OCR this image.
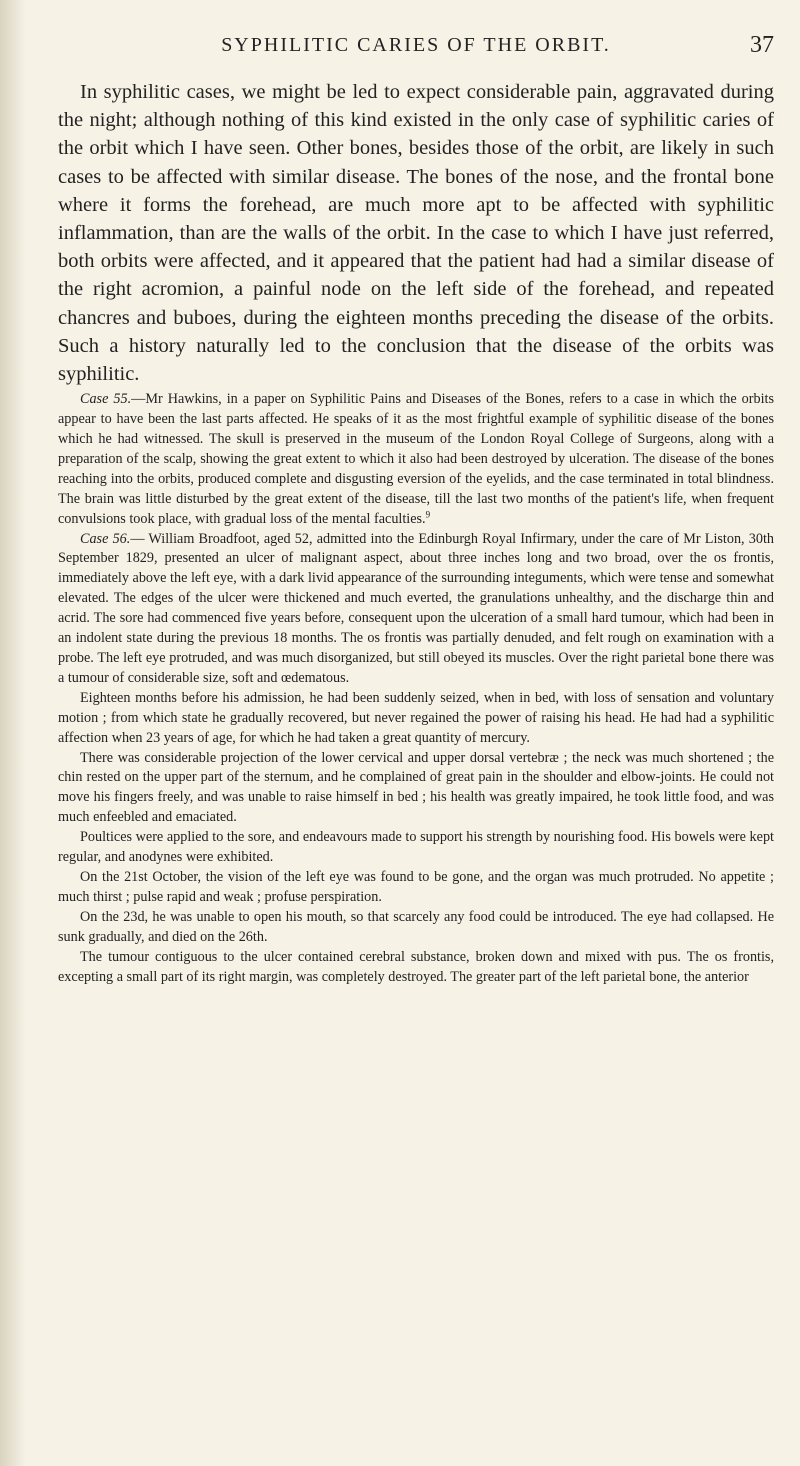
SYPHILITIC CARIES OF THE ORBIT.	37

In syphilitic cases, we might be led to expect considerable pain, aggravated during the night; although nothing of this kind existed in the only case of syphilitic caries of the orbit which I have seen. Other bones, besides those of the orbit, are likely in such cases to be affected with similar disease. The bones of the nose, and the frontal bone where it forms the forehead, are much more apt to be affected with syphilitic inflammation, than are the walls of the orbit. In the case to which I have just referred, both orbits were affected, and it appeared that the patient had had a similar disease of the right acromion, a painful node on the left side of the forehead, and repeated chancres and buboes, during the eighteen months preceding the disease of the orbits. Such a history naturally led to the conclusion that the disease of the orbits was syphilitic.

Case 55.—Mr Hawkins, in a paper on Syphilitic Pains and Diseases of the Bones, refers to a case in which the orbits appear to have been the last parts affected. He speaks of it as the most frightful example of syphilitic disease of the bones which he had witnessed. The skull is preserved in the museum of the London Royal College of Surgeons, along with a preparation of the scalp, showing the great extent to which it also had been destroyed by ulceration. The disease of the bones reaching into the orbits, produced complete and disgusting eversion of the eyelids, and the case terminated in total blindness. The brain was little disturbed by the great extent of the disease, till the last two months of the patient's life, when frequent convulsions took place, with gradual loss of the mental faculties.$^9$

Case 56.— William Broadfoot, aged 52, admitted into the Edinburgh Royal Infirmary, under the care of Mr Liston, 30th September 1829, presented an ulcer of malignant aspect, about three inches long and two broad, over the os frontis, immediately above the left eye, with a dark livid appearance of the surrounding integuments, which were tense and somewhat elevated. The edges of the ulcer were thickened and much everted, the granulations unhealthy, and the discharge thin and acrid. The sore had commenced five years before, consequent upon the ulceration of a small hard tumour, which had been in an indolent state during the previous 18 months. The os frontis was partially denuded, and felt rough on examination with a probe. The left eye protruded, and was much disorganized, but still obeyed its muscles. Over the right parietal bone there was a tumour of considerable size, soft and œdematous.

Eighteen months before his admission, he had been suddenly seized, when in bed, with loss of sensation and voluntary motion ; from which state he gradually recovered, but never regained the power of raising his head. He had had a syphilitic affection when 23 years of age, for which he had taken a great quantity of mercury.

There was considerable projection of the lower cervical and upper dorsal vertebræ ; the neck was much shortened ; the chin rested on the upper part of the sternum, and he complained of great pain in the shoulder and elbow-joints. He could not move his fingers freely, and was unable to raise himself in bed ; his health was greatly impaired, he took little food, and was much enfeebled and emaciated.

Poultices were applied to the sore, and endeavours made to support his strength by nourishing food. His bowels were kept regular, and anodynes were exhibited.

On the 21st October, the vision of the left eye was found to be gone, and the organ was much protruded. No appetite ; much thirst ; pulse rapid and weak ; profuse perspiration.

On the 23d, he was unable to open his mouth, so that scarcely any food could be introduced. The eye had collapsed. He sunk gradually, and died on the 26th.

The tumour contiguous to the ulcer contained cerebral substance, broken down and mixed with pus. The os frontis, excepting a small part of its right margin, was completely destroyed. The greater part of the left parietal bone, the anterior
